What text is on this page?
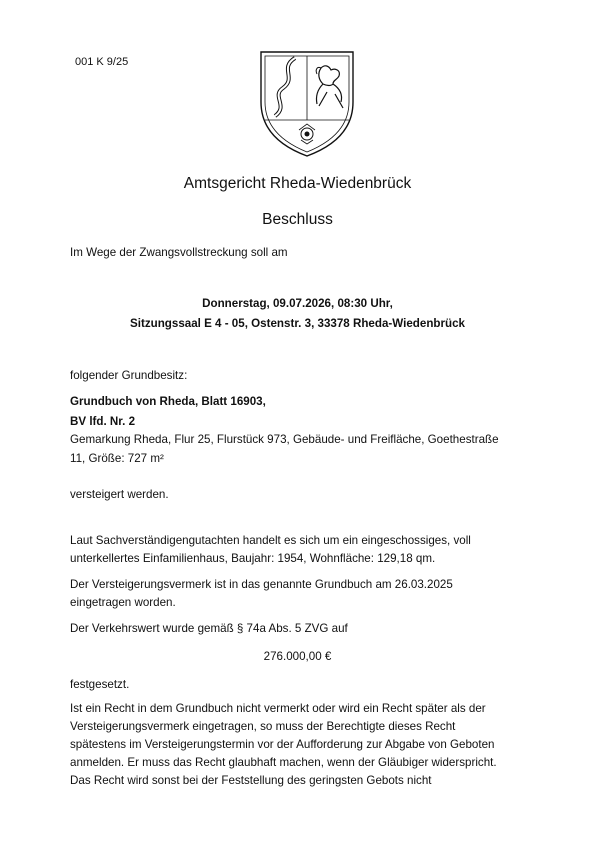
001 K 9/25
Amtsgericht Rheda-Wiedenbrück
Beschluss
Im Wege der Zwangsvollstreckung soll am
Donnerstag, 09.07.2026, 08:30 Uhr,
Sitzungssaal E 4 - 05, Ostenstr. 3, 33378 Rheda-Wiedenbrück
folgender Grundbesitz:
Grundbuch von Rheda, Blatt 16903,
BV lfd. Nr. 2
Gemarkung Rheda, Flur 25, Flurstück 973, Gebäude- und Freifläche, Goethestraße
11, Größe: 727 m²
versteigert werden.
Laut Sachverständigengutachten handelt es sich um ein eingeschossiges, voll
unterkellertes Einfamilienhaus, Baujahr: 1954, Wohnfläche: 129,18 qm.
Der Versteigerungsvermerk ist in das genannte Grundbuch am 26.03.2025
eingetragen worden.
Der Verkehrswert wurde gemäß § 74a Abs. 5 ZVG auf
276.000,00 €
festgesetzt.
Ist ein Recht in dem Grundbuch nicht vermerkt oder wird ein Recht später als der
Versteigerungsvermerk eingetragen, so muss der Berechtigte dieses Recht
spätestens im Versteigerungstermin vor der Aufforderung zur Abgabe von Geboten
anmelden. Er muss das Recht glaubhaft machen, wenn der Gläubiger widerspricht.
Das Recht wird sonst bei der Feststellung des geringsten Gebots nicht
